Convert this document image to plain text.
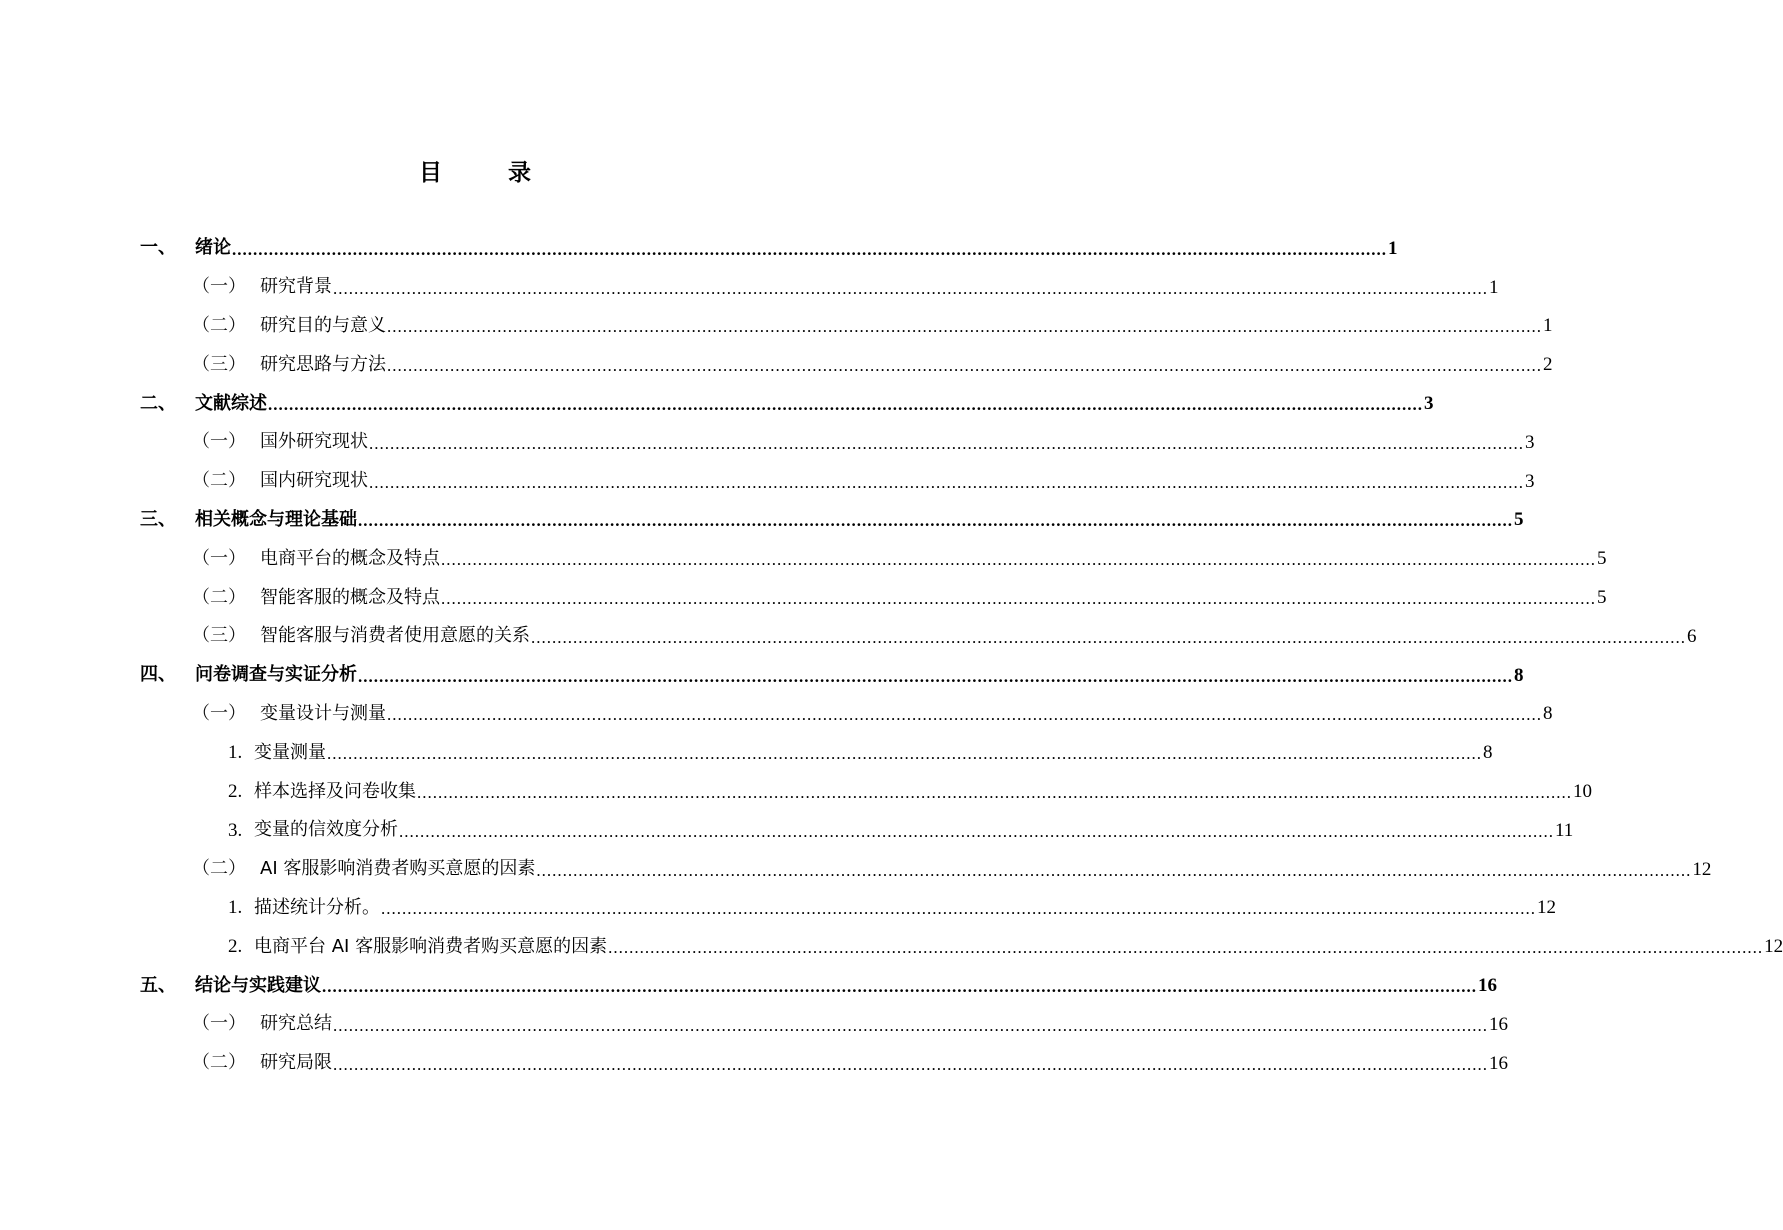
目	录
一、	绪论 ............................................................................................................................................................................................................................ 1
（一） 研究背景 ............................................................................................................................................................................................................................ 1
（二） 研究目的与意义 ............................................................................................................................................................................................................................ 1
（三） 研究思路与方法 ............................................................................................................................................................................................................................ 2
二、	文献综述 ............................................................................................................................................................................................................................ 3
（一） 国外研究现状 ............................................................................................................................................................................................................................ 3
（二） 国内研究现状 ............................................................................................................................................................................................................................ 3
三、	相关概念与理论基础 ............................................................................................................................................................................................................................ 5
（一） 电商平台的概念及特点 ............................................................................................................................................................................................................................ 5
（二） 智能客服的概念及特点 ............................................................................................................................................................................................................................ 5
（三） 智能客服与消费者使用意愿的关系 ............................................................................................................................................................................................................................ 6
四、	问卷调查与实证分析 ............................................................................................................................................................................................................................ 8
（一） 变量设计与测量 ............................................................................................................................................................................................................................ 8
1. 变量测量 ............................................................................................................................................................................................................................ 8
2. 样本选择及问卷收集 ............................................................................................................................................................................................................................ 10
3. 变量的信效度分析 ............................................................................................................................................................................................................................ 11
（二） AI 客服影响消费者购买意愿的因素 ............................................................................................................................................................................................................................ 12
1. 描述统计分析。 ............................................................................................................................................................................................................................ 12
2. 电商平台 AI 客服影响消费者购买意愿的因素 ............................................................................................................................................................................................................................ 12
五、	结论与实践建议 ............................................................................................................................................................................................................................ 16
（一） 研究总结 ............................................................................................................................................................................................................................ 16
（二） 研究局限 ............................................................................................................................................................................................................................ 16
